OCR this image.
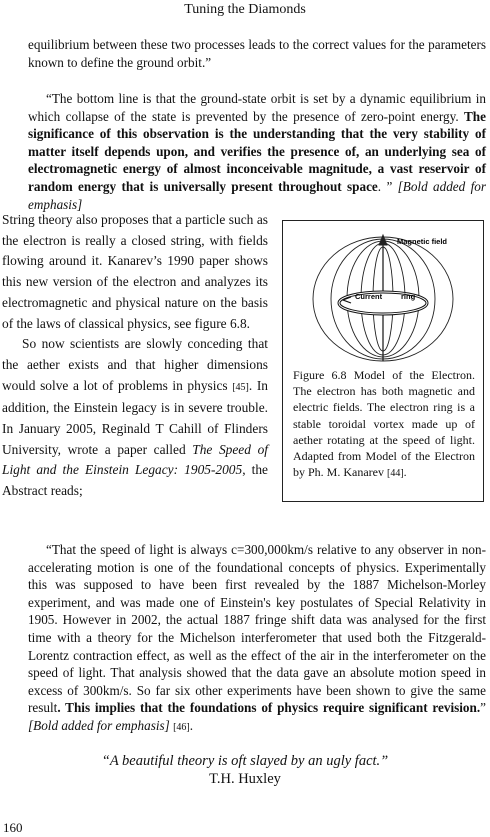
Tuning the Diamonds

equilibrium between these two processes leads to the correct values for the parameters known to define the ground orbit.”

“The bottom line is that the ground-state orbit is set by a dynamic equilibrium in which collapse of the state is prevented by the presence of zero-point energy. The significance of this observation is the understanding that the very stability of matter itself depends upon, and verifies the presence of, an underlying sea of electromagnetic energy of almost inconceivable magnitude, a vast reservoir of random energy that is universally present throughout space. ” [Bold added for emphasis]

String theory also proposes that a particle such as the electron is really a closed string, with fields flowing around it. Kanarev’s 1990 paper shows this new version of the electron and analyzes its electromagnetic and physical nature on the basis of the laws of classical physics, see figure 6.8.

So now scientists are slowly conceding that the aether exists and that higher dimensions would solve a lot of problems in physics [45]. In addition, the Einstein legacy is in severe trouble. In January 2005, Reginald T Cahill of Flinders University, wrote a paper called The Speed of Light and the Einstein Legacy: 1905-2005, the Abstract reads;

Magnetic field
Current	ring
Figure 6.8 Model of the Electron. The electron has both magnetic and electric fields. The electron ring is a stable toroidal vortex made up of aether rotating at the speed of light. Adapted from Model of the Electron by Ph. M. Kanarev [44].

“That the speed of light is always c=300,000km/s relative to any observer in non-accelerating motion is one of the foundational concepts of physics. Experimentally this was supposed to have been first revealed by the 1887 Michelson-Morley experiment, and was made one of Einstein's key postulates of Special Relativity in 1905. However in 2002, the actual 1887 fringe shift data was analysed for the first time with a theory for the Michelson interferometer that used both the Fitzgerald-Lorentz contraction effect, as well as the effect of the air in the interferometer on the speed of light. That analysis showed that the data gave an absolute motion speed in excess of 300km/s. So far six other experiments have been shown to give the same result. This implies that the foundations of physics require significant revision.” [Bold added for emphasis] [46].

“A beautiful theory is oft slayed by an ugly fact.”
T.H. Huxley
160
